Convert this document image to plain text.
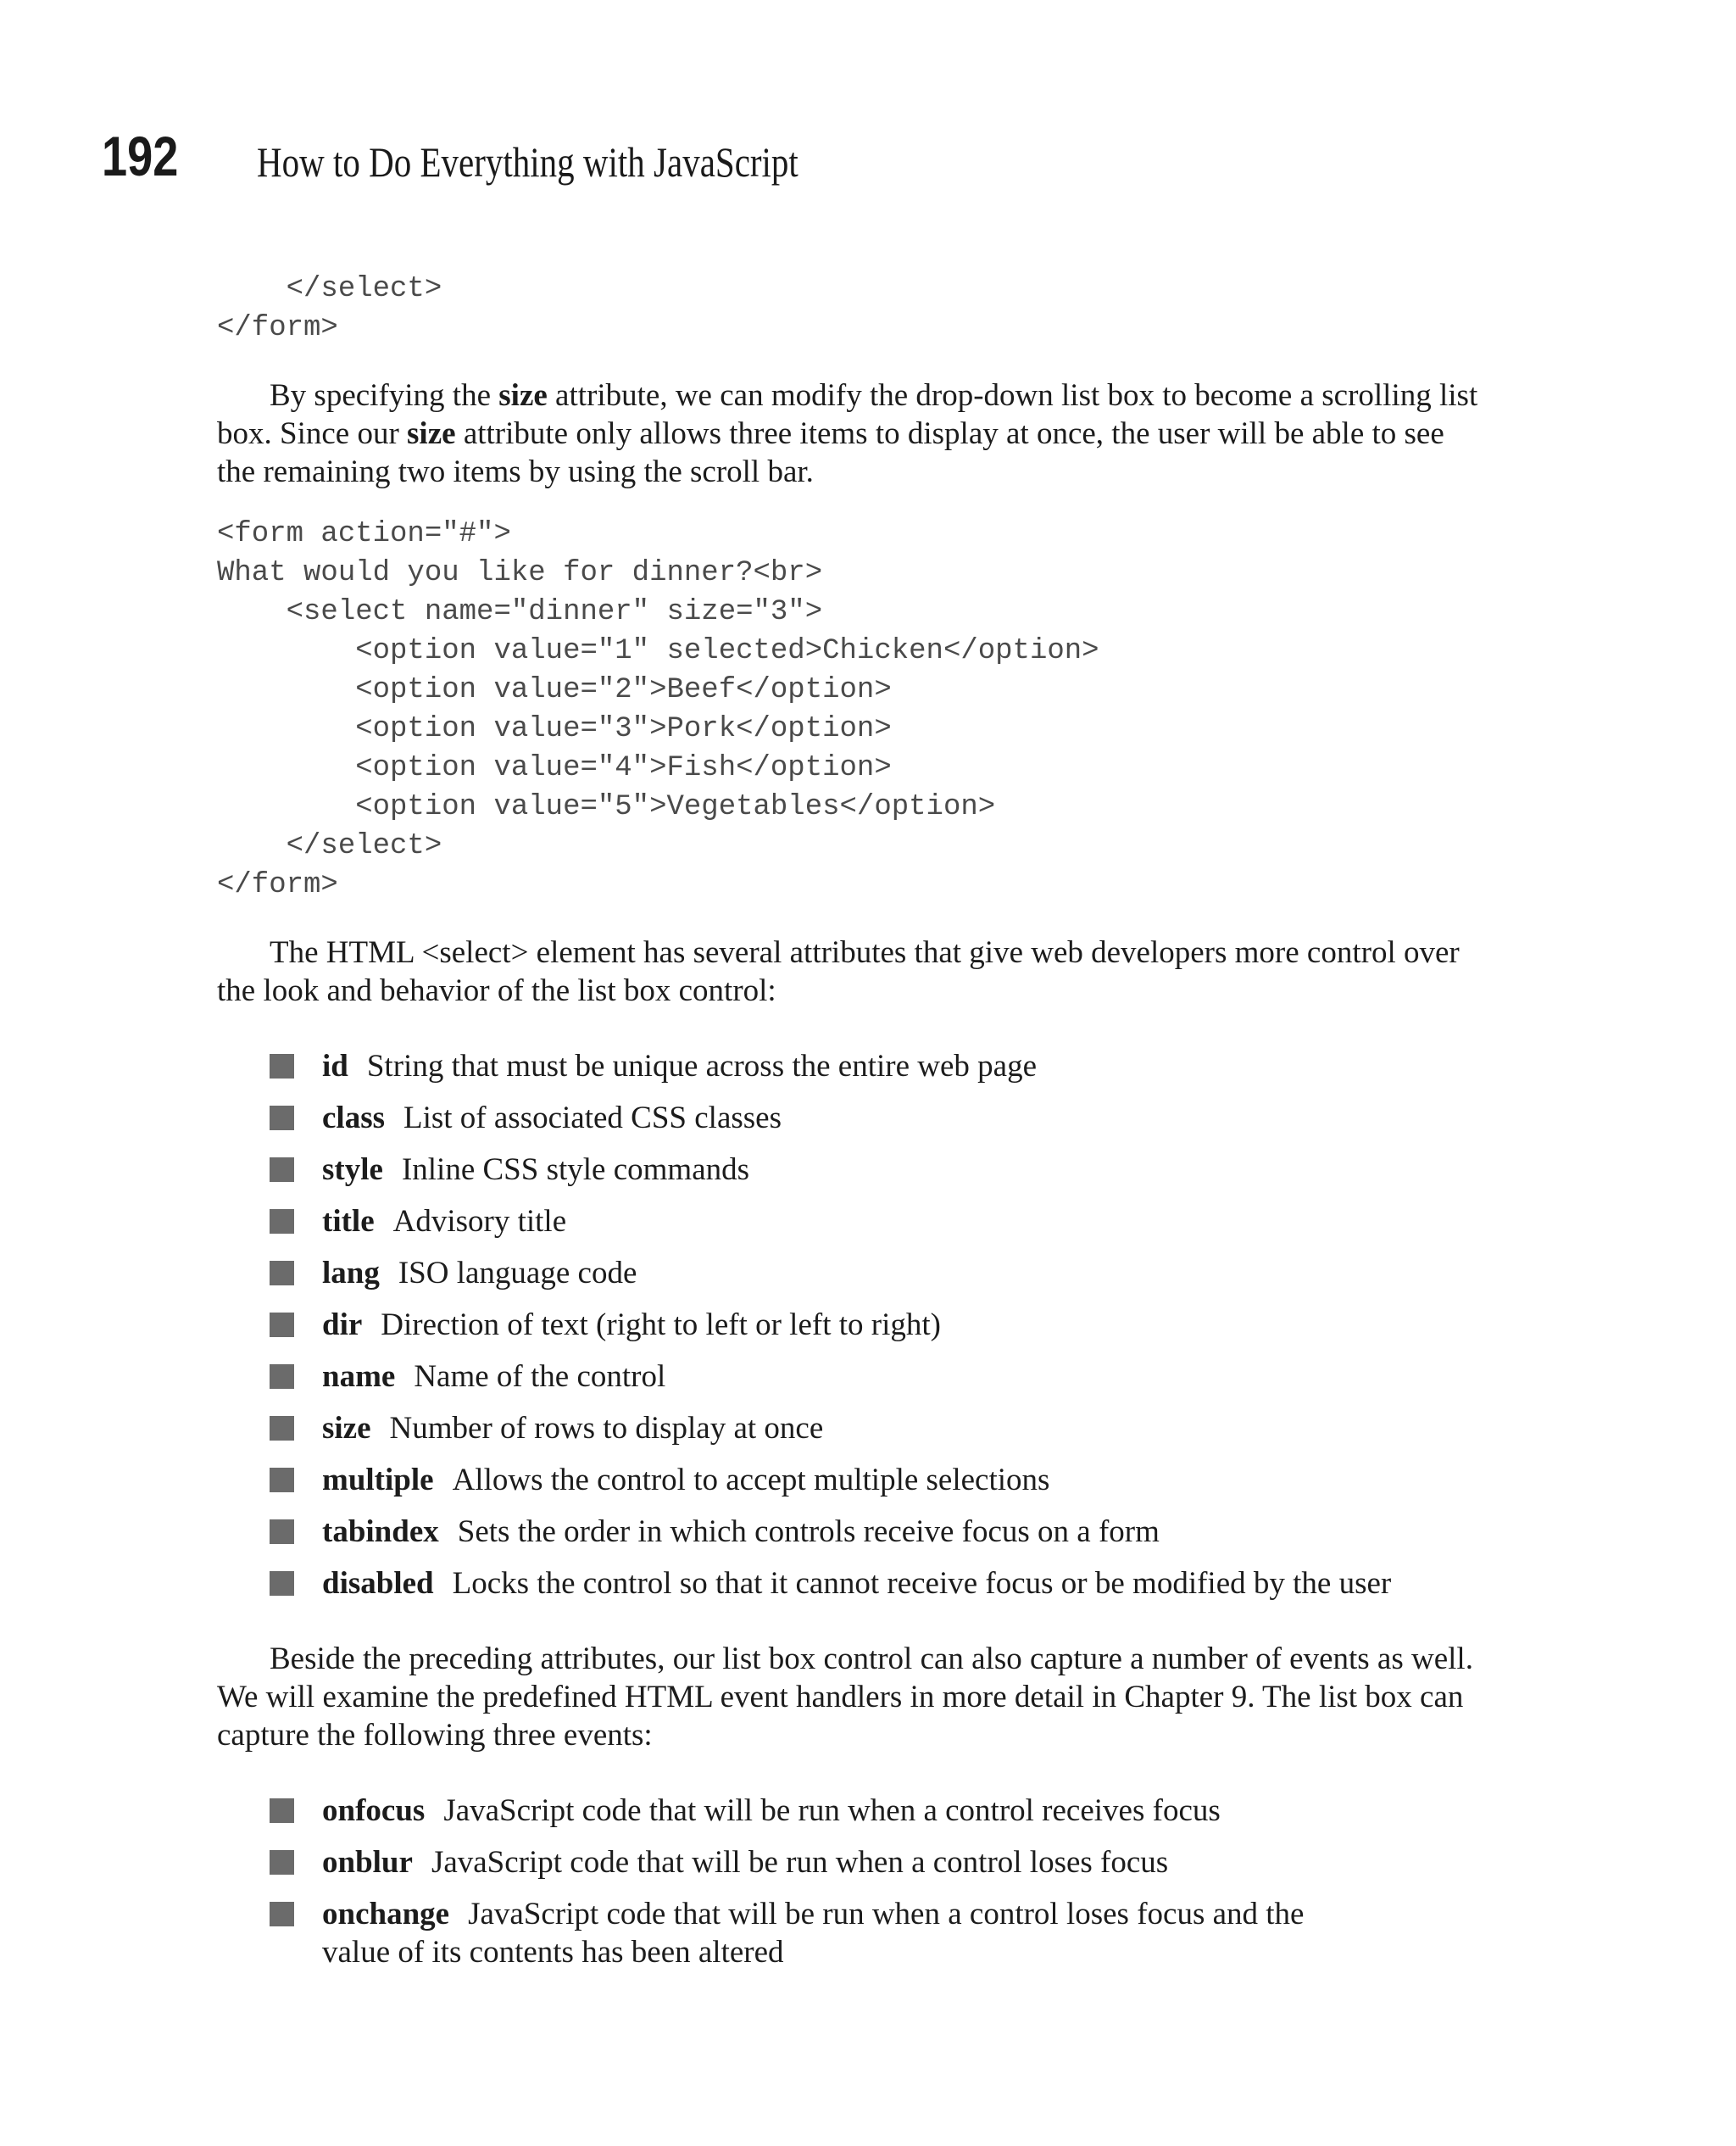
192 How to Do Everything with JavaScript
</select>
</form>

By specifying the size attribute, we can modify the drop-down list box to become a scrolling list box. Since our size attribute only allows three items to display at once, the user will be able to see the remaining two items by using the scroll bar.

<form action="#">
What would you like for dinner?<br>
<select name="dinner" size="3">
<option value="1" selected>Chicken</option>
<option value="2">Beef</option>
<option value="3">Pork</option>
<option value="4">Fish</option>
<option value="5">Vegetables</option>
</select>
</form>

The HTML <select> element has several attributes that give web developers more control over the look and behavior of the list box control:

id String that must be unique across the entire web page
class List of associated CSS classes
style Inline CSS style commands
title Advisory title
lang ISO language code
dir Direction of text (right to left or left to right)
name Name of the control
size Number of rows to display at once
multiple Allows the control to accept multiple selections
tabindex Sets the order in which controls receive focus on a form
disabled Locks the control so that it cannot receive focus or be modified by the user

Beside the preceding attributes, our list box control can also capture a number of events as well. We will examine the predefined HTML event handlers in more detail in Chapter 9. The list box can capture the following three events:

onfocus JavaScript code that will be run when a control receives focus
onblur JavaScript code that will be run when a control loses focus
onchange JavaScript code that will be run when a control loses focus and the value of its contents has been altered
